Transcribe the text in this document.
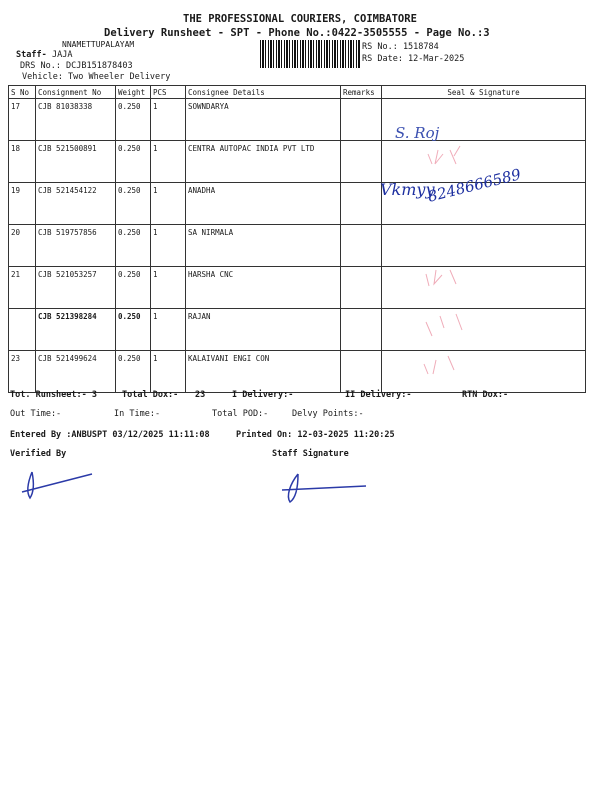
THE PROFESSIONAL COURIERS, COIMBATORE
Delivery Runsheet - SPT - Phone No.:0422-3505555 - Page No.:3
NNAMETTUPALAYAM
Staff- JAJA
DRS No.: DCJB151878403
Vehicle: Two Wheeler Delivery
RS No.: 1518784
RS Date: 12-Mar-2025
S No	Consignment No	Weight	PCS	Consignee Details	Remarks	Seal & Signature
17	CJB 81038338	0.250	1	SOWNDARYA		
18	CJB 521500891	0.250	1	CENTRA AUTOPAC INDIA PVT LTD		
19	CJB 521454122	0.250	1	ANADHA		
20	CJB 519757856	0.250	1	SA NIRMALA		
21	CJB 521053257	0.250	1	HARSHA CNC		
	CJB 521398284	0.250	1	RAJAN		
23	CJB 521499624	0.250	1	KALAIVANI ENGI CON		
S. Roj
Vkmyy
8248666589
Tot. Runsheet:- 3	Total Dox:- 23	I Delivery:-	II Delivery:-	RTN Dox:-
Out Time:-	In Time:-	Total POD:-	Delvy Points:-
Entered By :ANBUSPT 03/12/2025 11:11:08	Printed On: 12-03-2025 11:20:25
Verified By	Staff Signature
